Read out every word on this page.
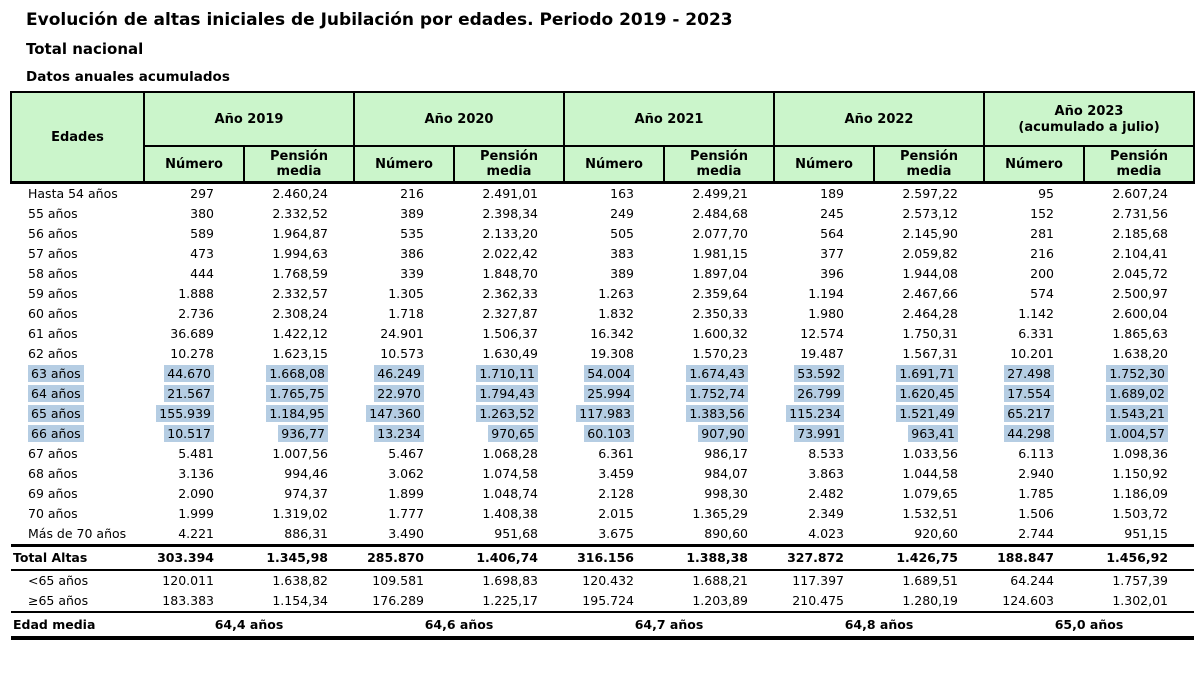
Evolución de altas iniciales de Jubilación por edades. Periodo 2019 - 2023
Total nacional
Datos anuales acumulados
Edades	Año 2019		Año 2020		Año 2021		Año 2022		Año 2023
(acumulado a julio)	

	Número	Pensión media	Número	Pensión media	Número	Pensión media	Número	Pensión media	Número	Pensión media
Hasta 54 años	297	2.460,24	216	2.491,01	163	2.499,21	189	2.597,22	95	2.607,24
55 años	380	2.332,52	389	2.398,34	249	2.484,68	245	2.573,12	152	2.731,56
56 años	589	1.964,87	535	2.133,20	505	2.077,70	564	2.145,90	281	2.185,68
57 años	473	1.994,63	386	2.022,42	383	1.981,15	377	2.059,82	216	2.104,41
58 años	444	1.768,59	339	1.848,70	389	1.897,04	396	1.944,08	200	2.045,72
59 años	1.888	2.332,57	1.305	2.362,33	1.263	2.359,64	1.194	2.467,66	574	2.500,97
60 años	2.736	2.308,24	1.718	2.327,87	1.832	2.350,33	1.980	2.464,28	1.142	2.600,04
61 años	36.689	1.422,12	24.901	1.506,37	16.342	1.600,32	12.574	1.750,31	6.331	1.865,63
62 años	10.278	1.623,15	10.573	1.630,49	19.308	1.570,23	19.487	1.567,31	10.201	1.638,20
63 años	44.670	1.668,08	46.249	1.710,11	54.004	1.674,43	53.592	1.691,71	27.498	1.752,30
64 años	21.567	1.765,75	22.970	1.794,43	25.994	1.752,74	26.799	1.620,45	17.554	1.689,02
65 años	155.939	1.184,95	147.360	1.263,52	117.983	1.383,56	115.234	1.521,49	65.217	1.543,21
66 años	10.517	936,77	13.234	970,65	60.103	907,90	73.991	963,41	44.298	1.004,57
67 años	5.481	1.007,56	5.467	1.068,28	6.361	986,17	8.533	1.033,56	6.113	1.098,36
68 años	3.136	994,46	3.062	1.074,58	3.459	984,07	3.863	1.044,58	2.940	1.150,92
69 años	2.090	974,37	1.899	1.048,74	2.128	998,30	2.482	1.079,65	1.785	1.186,09
70 años	1.999	1.319,02	1.777	1.408,38	2.015	1.365,29	2.349	1.532,51	1.506	1.503,72
Más de 70 años	4.221	886,31	3.490	951,68	3.675	890,60	4.023	920,60	2.744	951,15
Total Altas	303.394	1.345,98	285.870	1.406,74	316.156	1.388,38	327.872	1.426,75	188.847	1.456,92
<65 años	120.011	1.638,82	109.581	1.698,83	120.432	1.688,21	117.397	1.689,51	64.244	1.757,39
≥65 años	183.383	1.154,34	176.289	1.225,17	195.724	1.203,89	210.475	1.280,19	124.603	1.302,01
Edad media	64,4 años		64,6 años		64,7 años		64,8 años		65,0 años	
